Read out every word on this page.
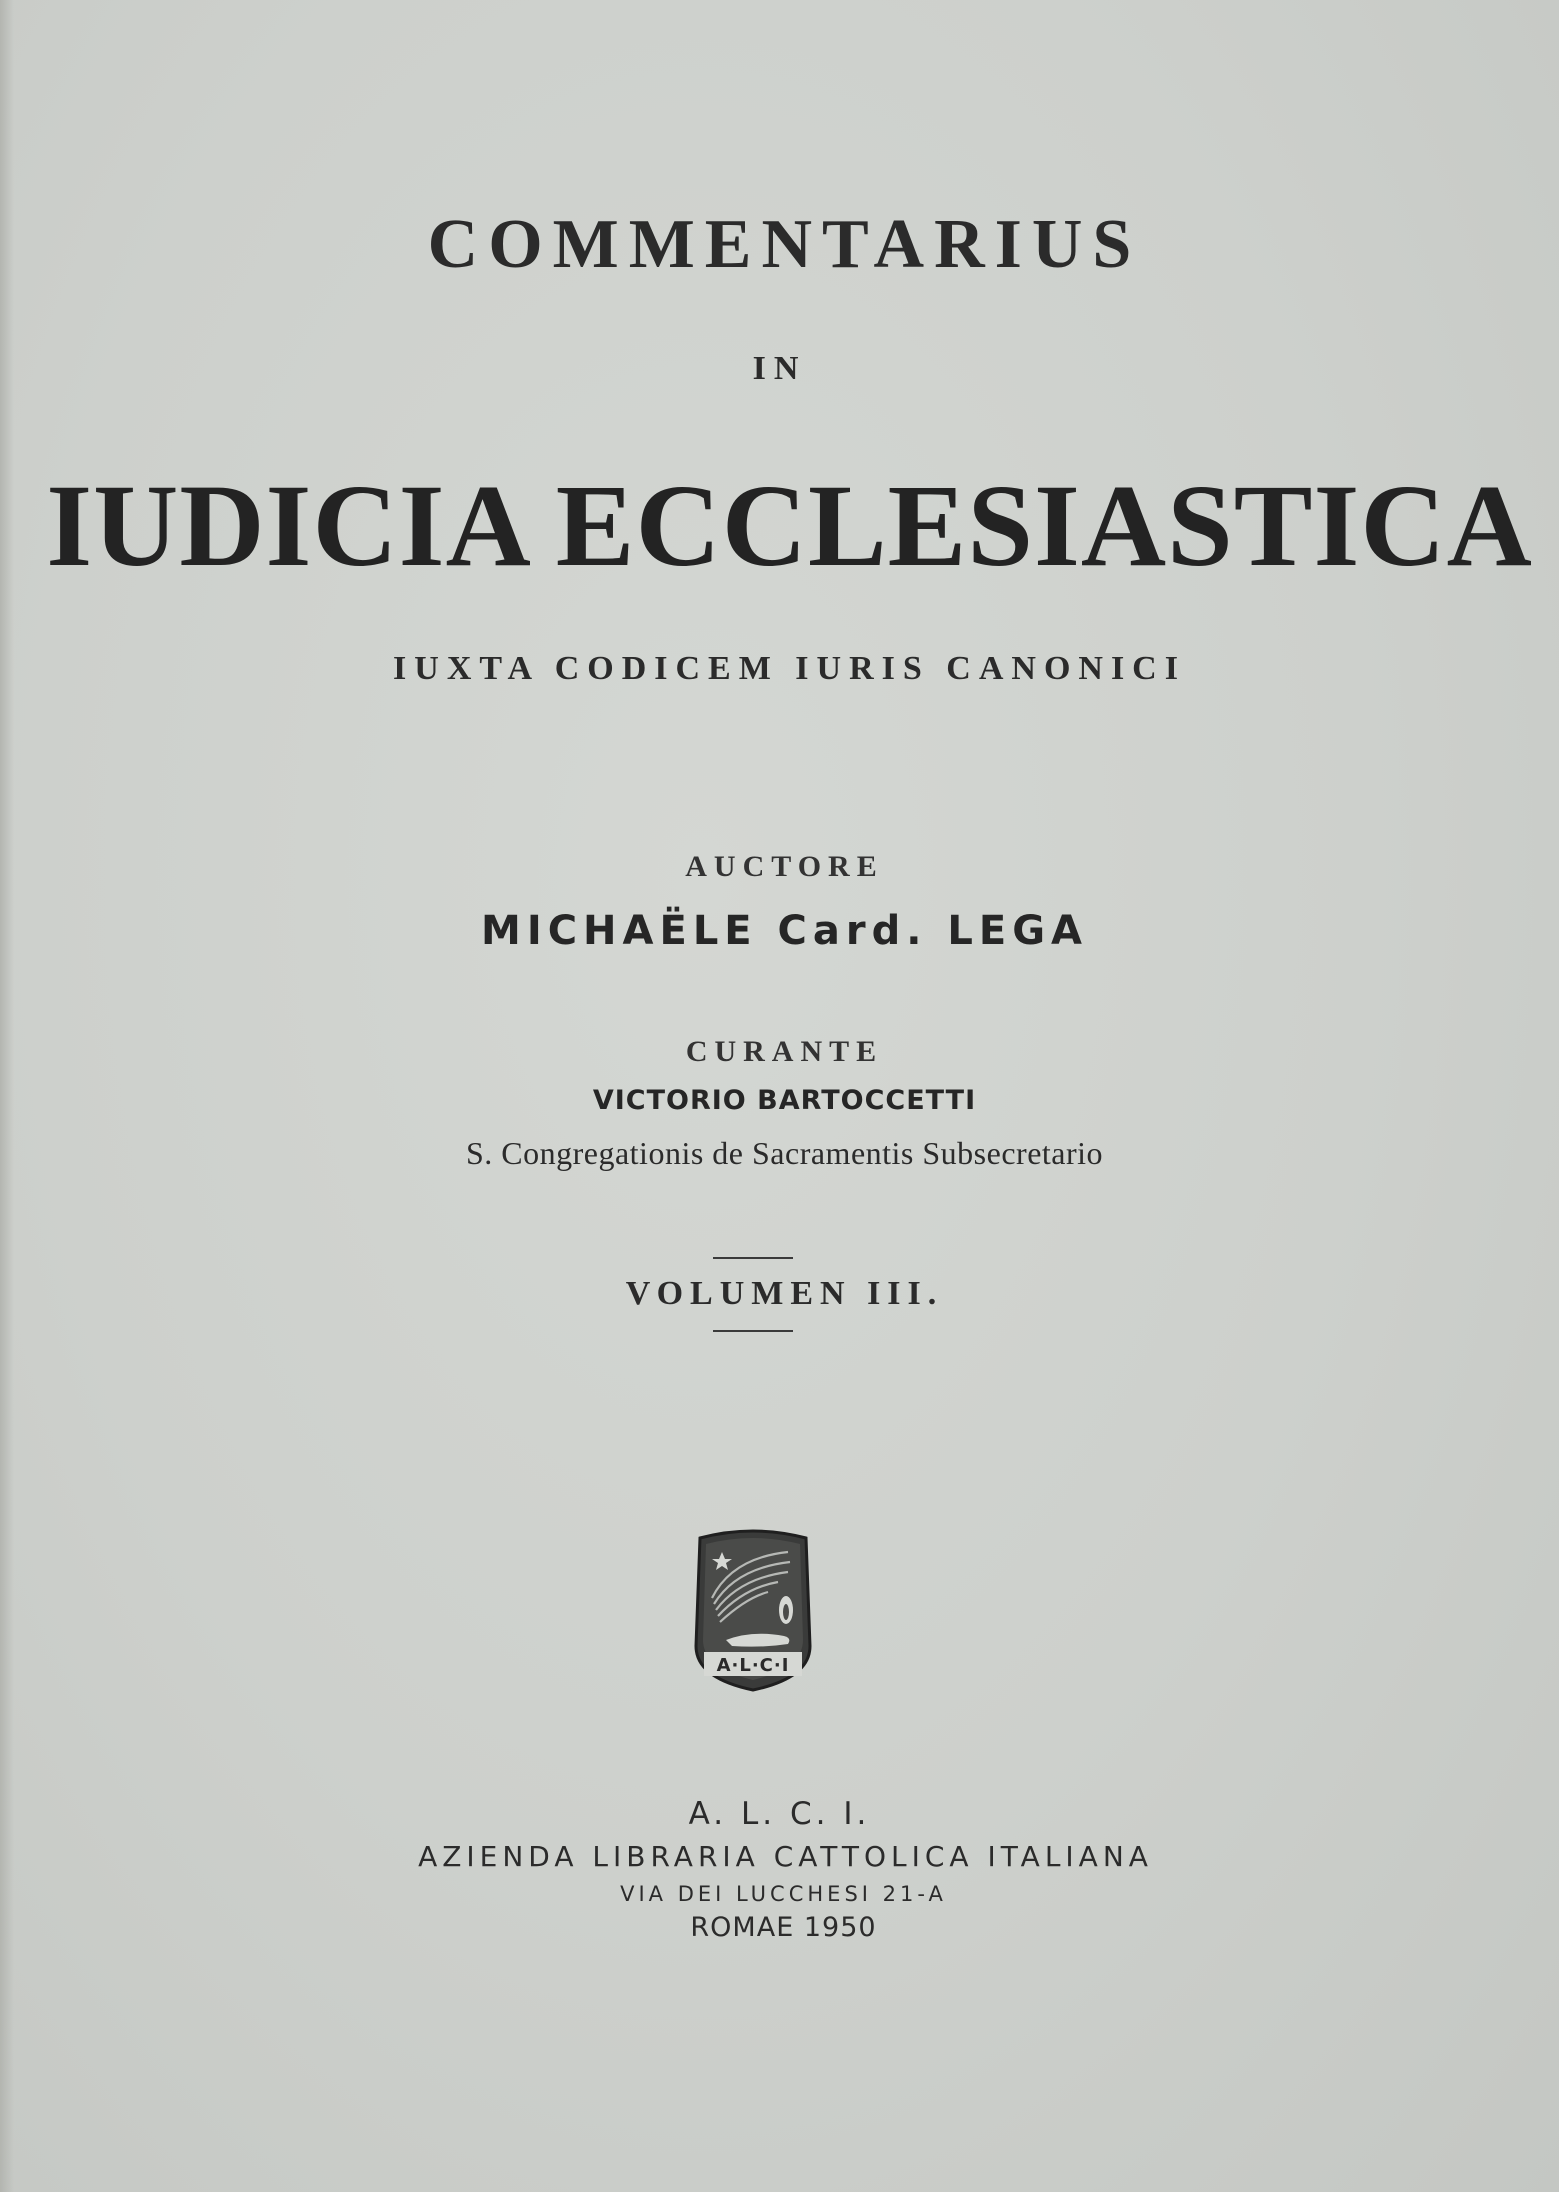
COMMENTARIUS
IN
IUDICIA ECCLESIASTICA
IUXTA CODICEM IURIS CANONICI
AUCTORE
MICHAËLE Card. LEGA
CURANTE
VICTORIO BARTOCCETTI
S. Congregationis de Sacramentis Subsecretario
VOLUMEN III.
A·L·C·I
A. L. C. I.
AZIENDA LIBRARIA CATTOLICA ITALIANA
VIA DEI LUCCHESI 21-A
ROMAE 1950
